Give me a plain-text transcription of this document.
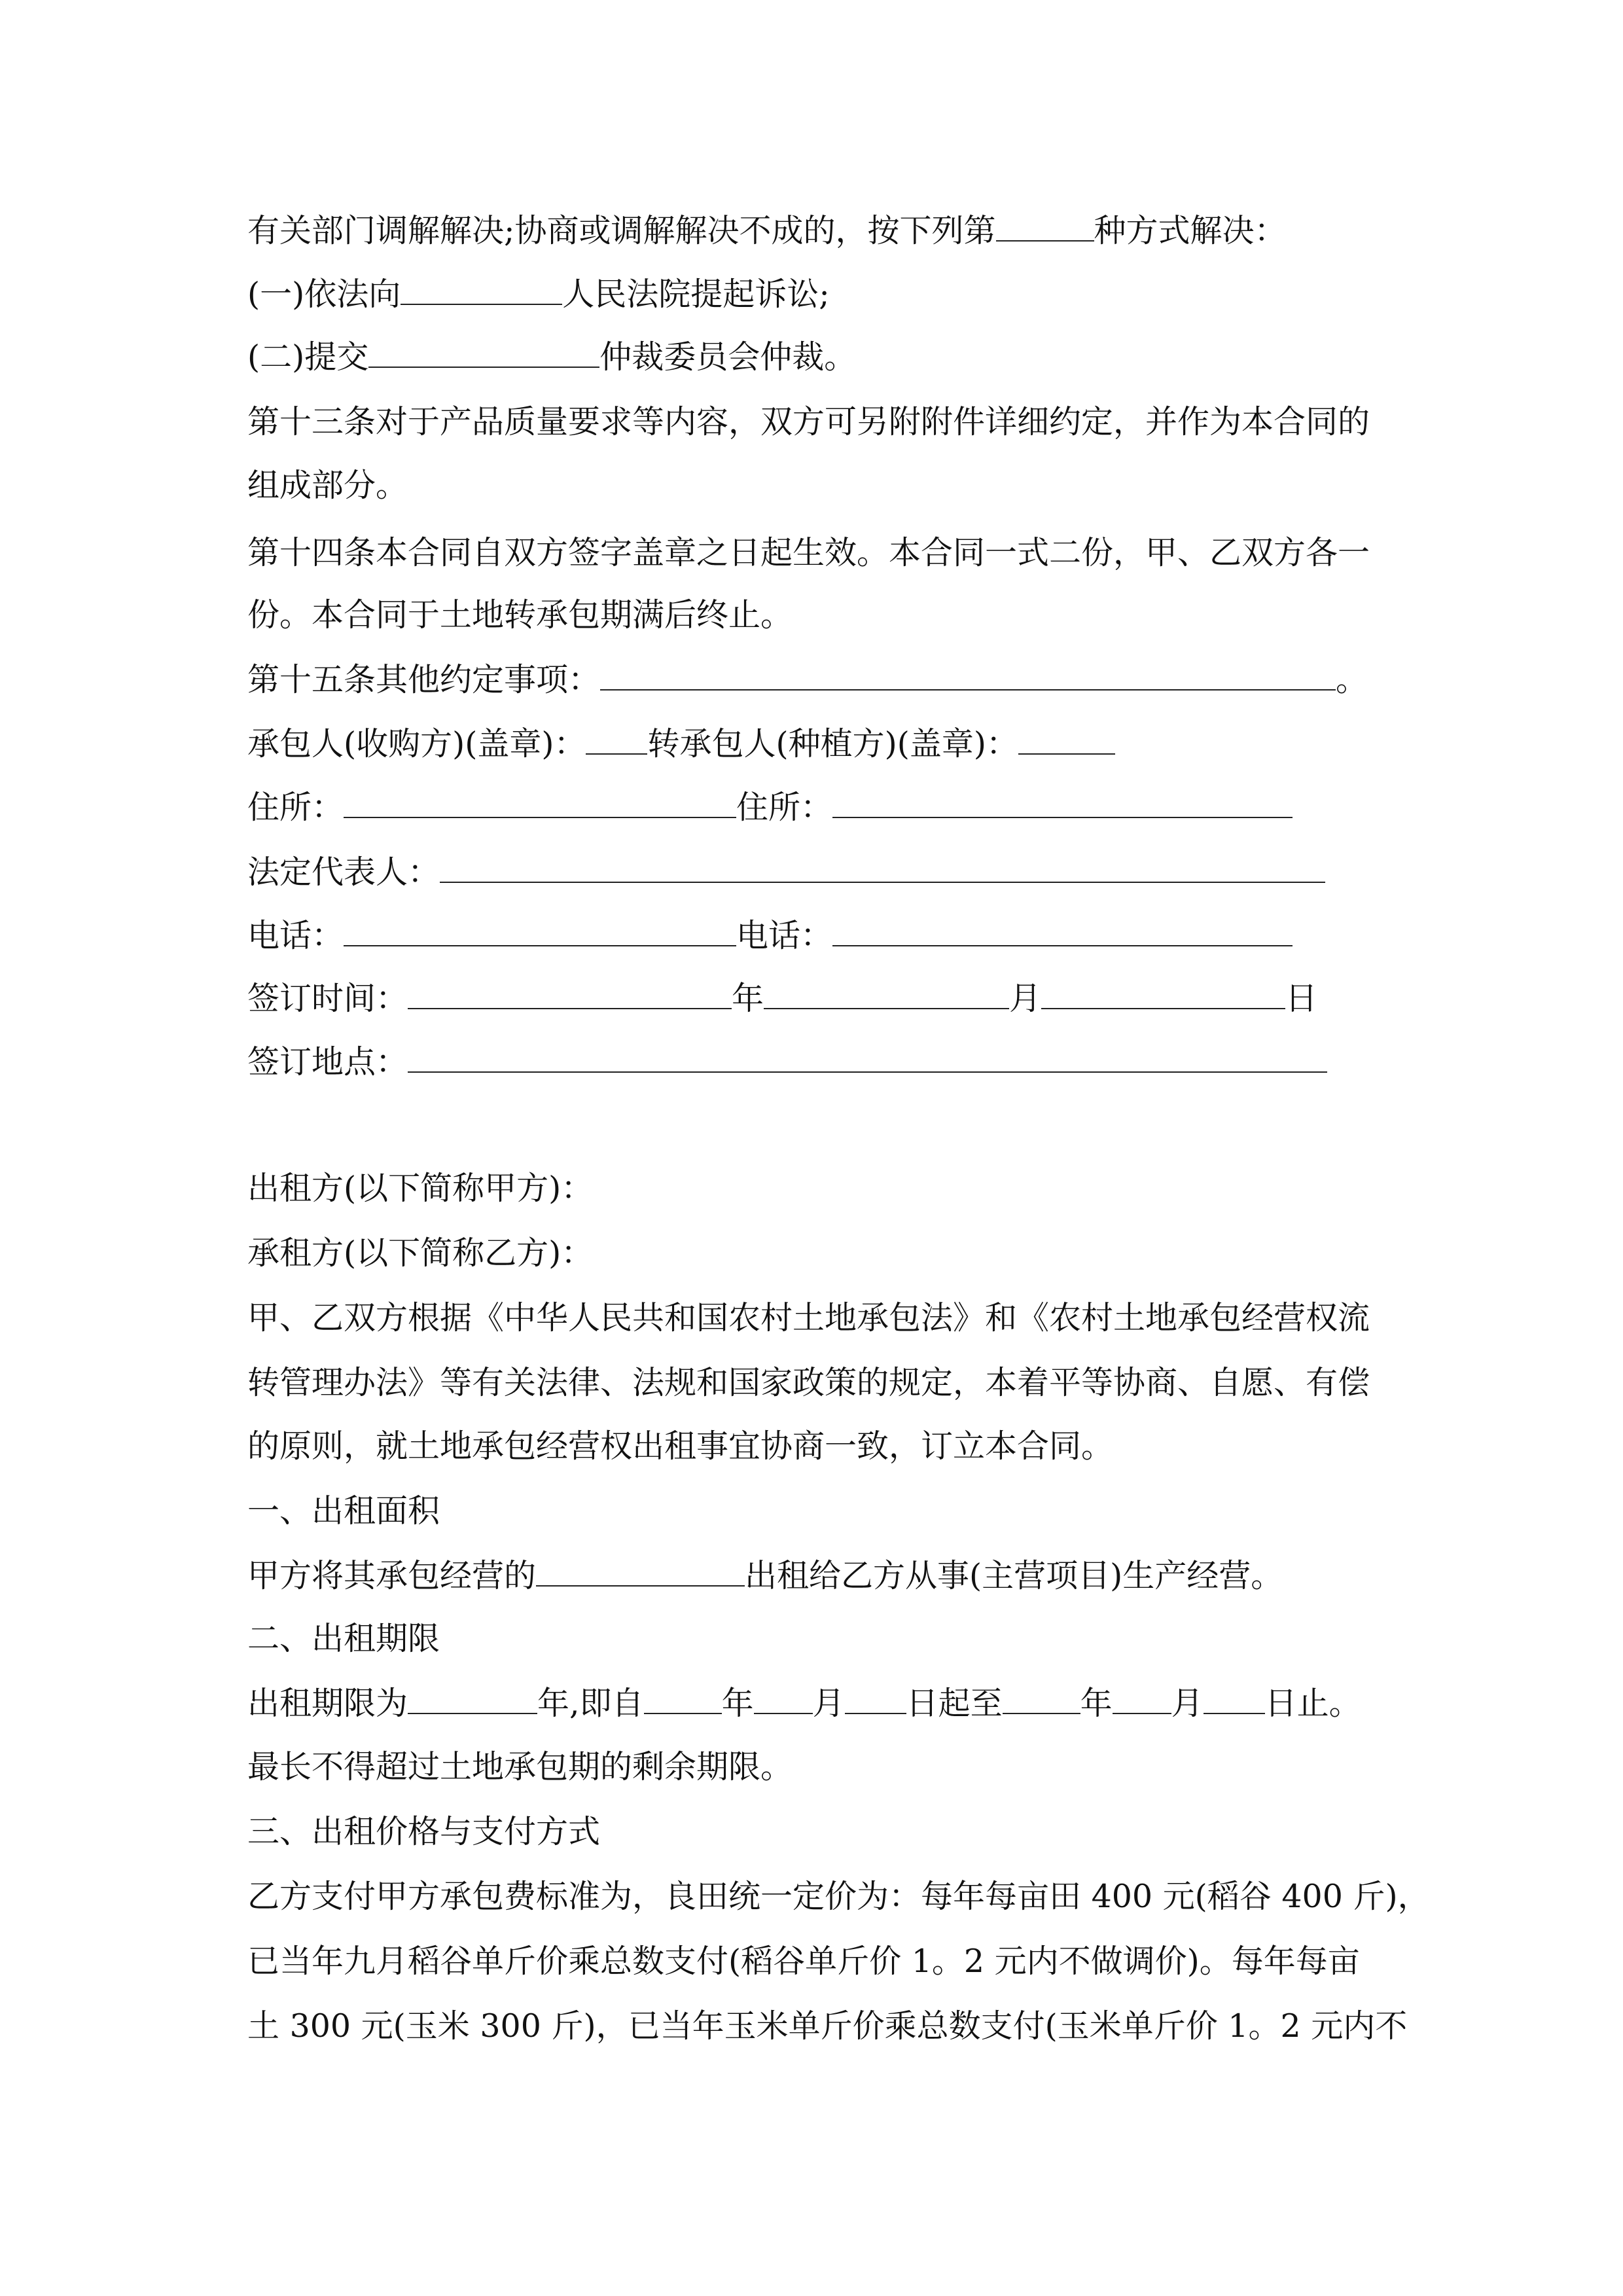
有关部门调解解决;协商或调解解决不成的，按下列第	种方式解决：
(一)依法向	人民法院提起诉讼;
(二)提交	仲裁委员会仲裁。
第十三条对于产品质量要求等内容，双方可另附附件详细约定，并作为本合同的
组成部分。
第十四条本合同自双方签字盖章之日起生效。本合同一式二份，甲、乙双方各一
份。本合同于土地转承包期满后终止。
第十五条其他约定事项：	。
承包人(收购方)(盖章)： 转承包人(种植方)(盖章)：
住所：	住所：
法定代表人：
电话：	电话：
签订时间：	年	月	日
签订地点：
出租方(以下简称甲方)：
承租方(以下简称乙方)：
甲、乙双方根据《中华人民共和国农村土地承包法》和《农村土地承包经营权流
转管理办法》等有关法律、法规和国家政策的规定，本着平等协商、自愿、有偿
的原则，就土地承包经营权出租事宜协商一致，订立本合同。
一、出租面积
甲方将其承包经营的	出租给乙方从事(主营项目)生产经营。
二、出租期限
出租期限为	年,即自 年 月 日起至 年 月 日止。
最长不得超过土地承包期的剩余期限。
三、出租价格与支付方式
乙方支付甲方承包费标准为，良田统一定价为：每年每亩田 400 元(稻谷 400 斤)，
已当年九月稻谷单斤价乘总数支付(稻谷单斤价 1。2 元内不做调价)。每年每亩
土 300 元(玉米 300 斤)，已当年玉米单斤价乘总数支付(玉米单斤价 1。2 元内不
